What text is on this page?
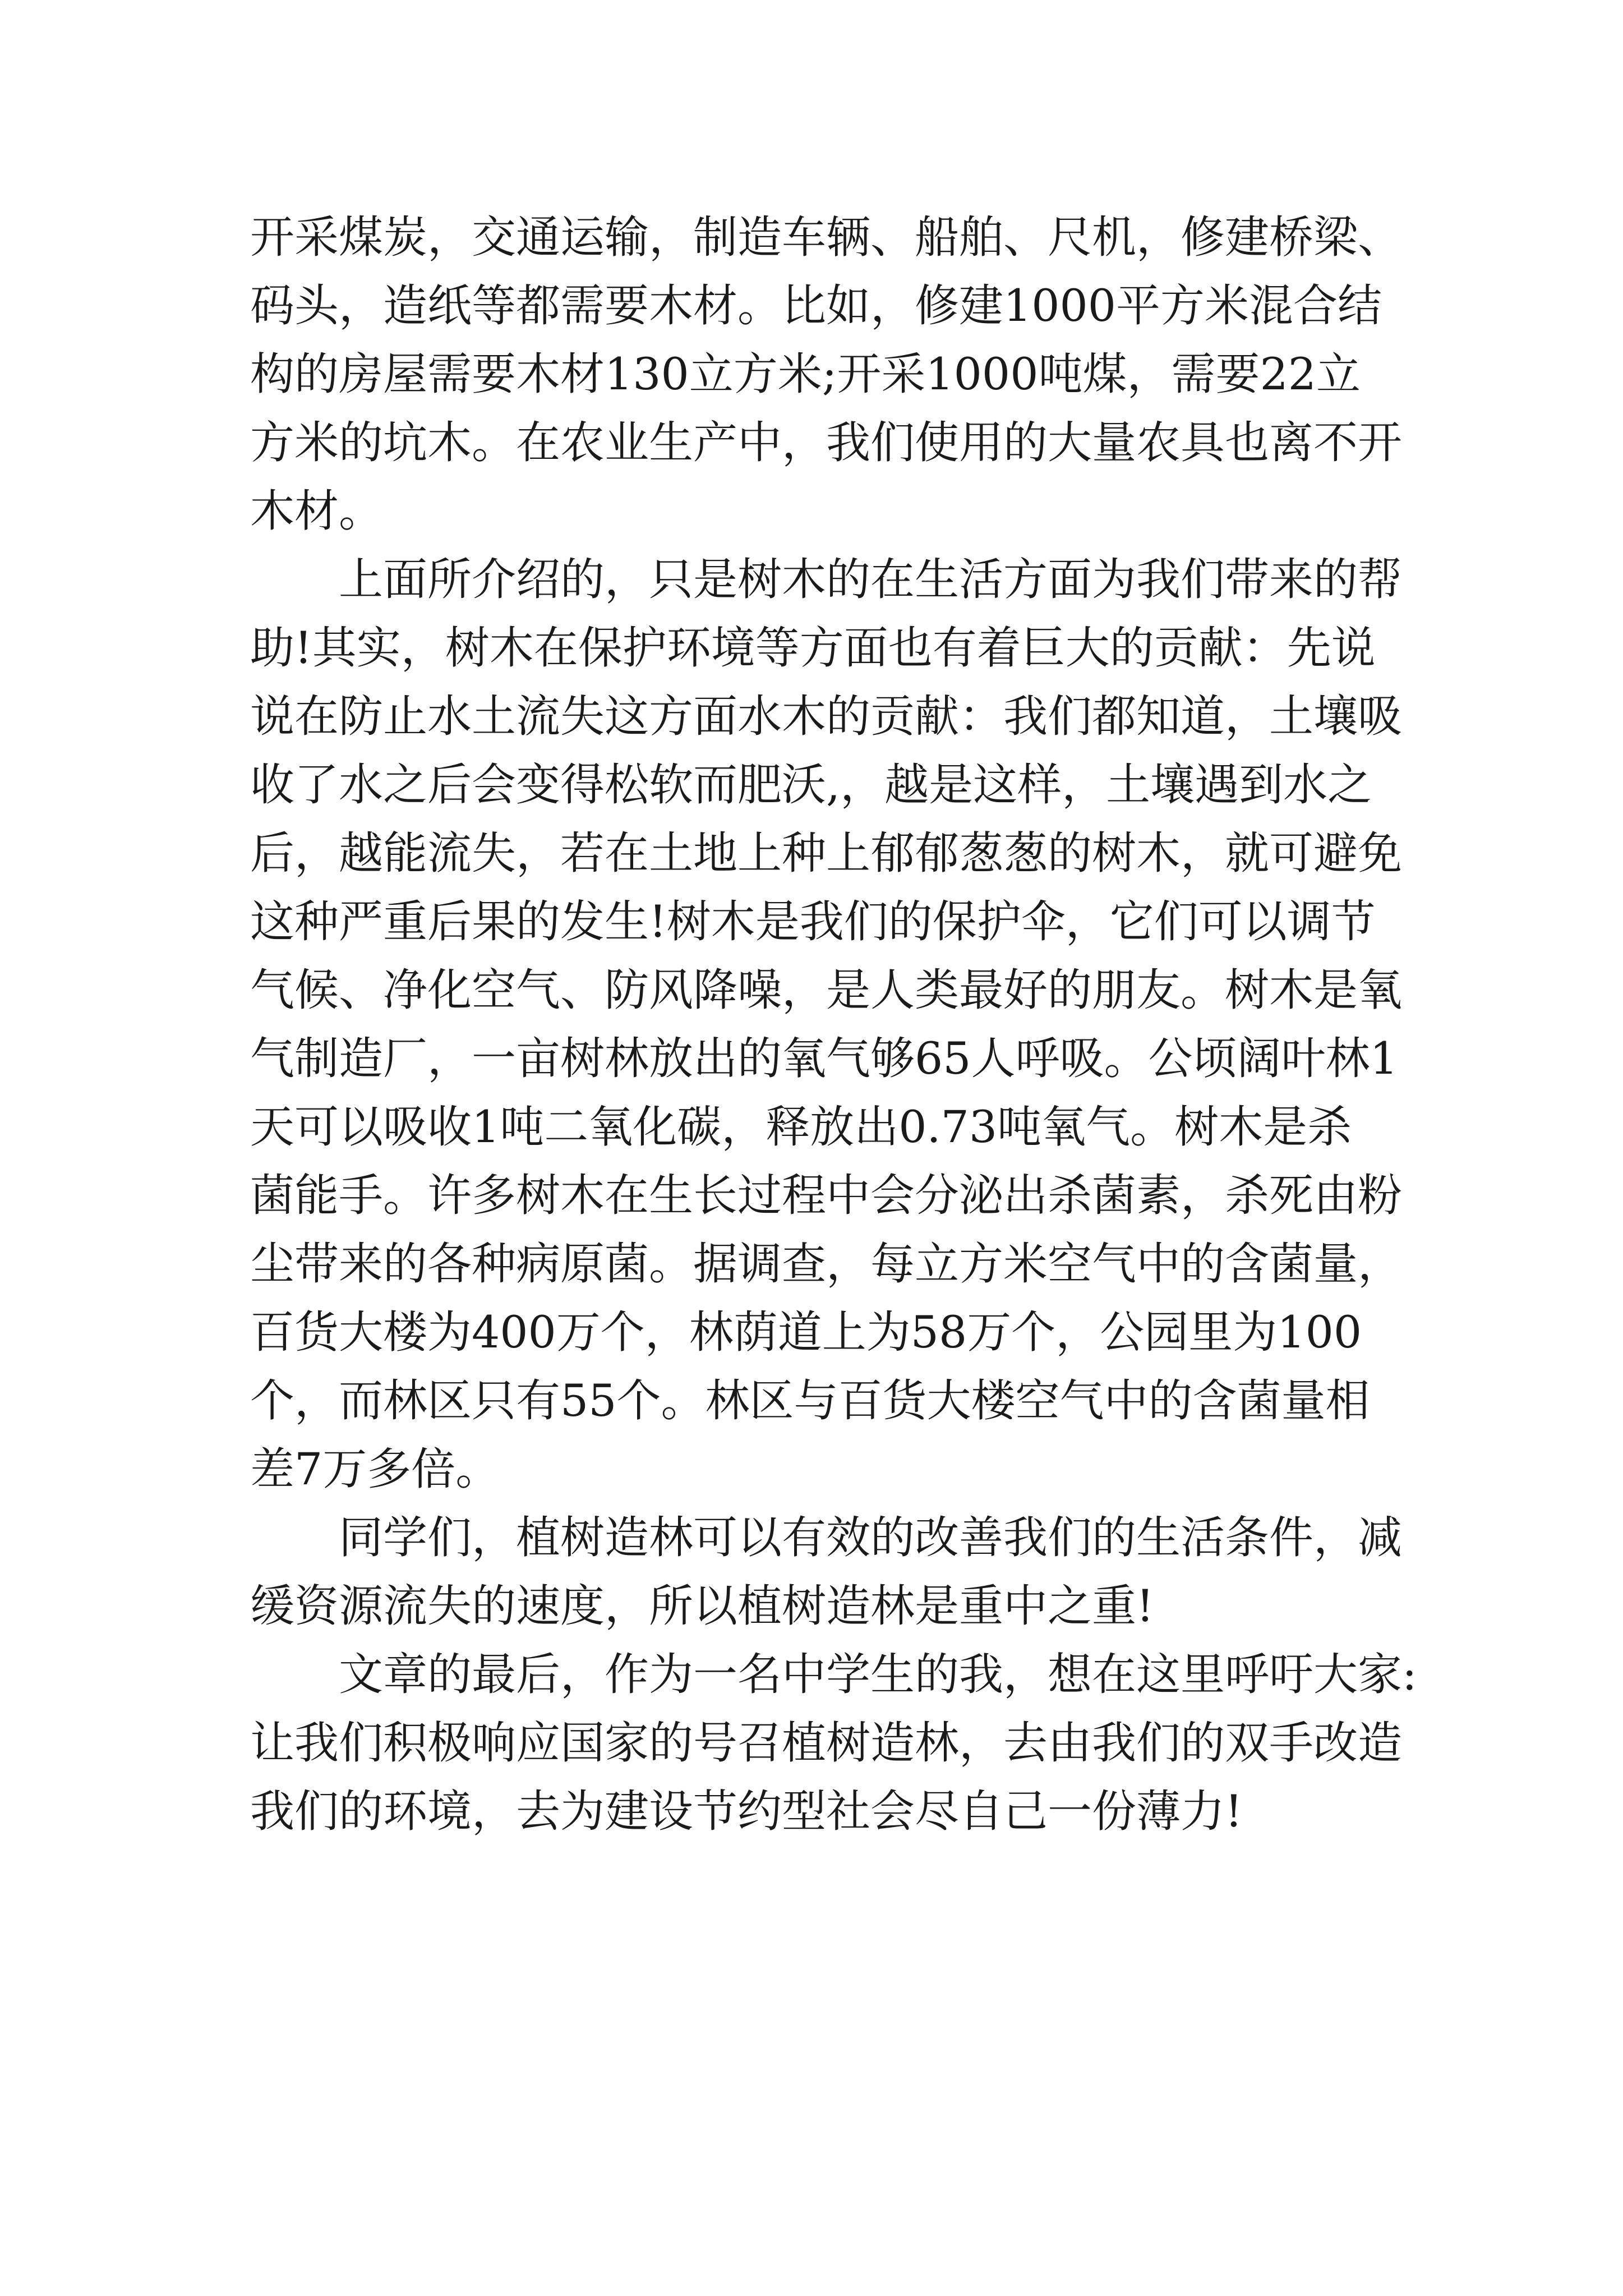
开采煤炭，交通运输，制造车辆、船舶、尺机，修建桥梁、

码头，造纸等都需要木材。比如，修建1000平方米混合结

构的房屋需要木材130立方米;开采1000吨煤，需要22立

方米的坑木。在农业生产中，我们使用的大量农具也离不开

木材。

上面所介绍的，只是树木的在生活方面为我们带来的帮

助!其实，树木在保护环境等方面也有着巨大的贡献：先说

说在防止水土流失这方面水木的贡献：我们都知道，土壤吸

收了水之后会变得松软而肥沃,，越是这样，土壤遇到水之

后，越能流失，若在土地上种上郁郁葱葱的树木，就可避免

这种严重后果的发生!树木是我们的保护伞，它们可以调节

气候、净化空气、防风降噪，是人类最好的朋友。树木是氧

气制造厂，一亩树林放出的氧气够65人呼吸。公顷阔叶林1

天可以吸收1吨二氧化碳，释放出0.73吨氧气。树木是杀

菌能手。许多树木在生长过程中会分泌出杀菌素，杀死由粉

尘带来的各种病原菌。据调查，每立方米空气中的含菌量，

百货大楼为400万个，林荫道上为58万个，公园里为100

个，而林区只有55个。林区与百货大楼空气中的含菌量相

差7万多倍。

同学们，植树造林可以有效的改善我们的生活条件，减

缓资源流失的速度，所以植树造林是重中之重!

文章的最后，作为一名中学生的我，想在这里呼吁大家:

让我们积极响应国家的号召植树造林，去由我们的双手改造

我们的环境，去为建设节约型社会尽自己一份薄力!
